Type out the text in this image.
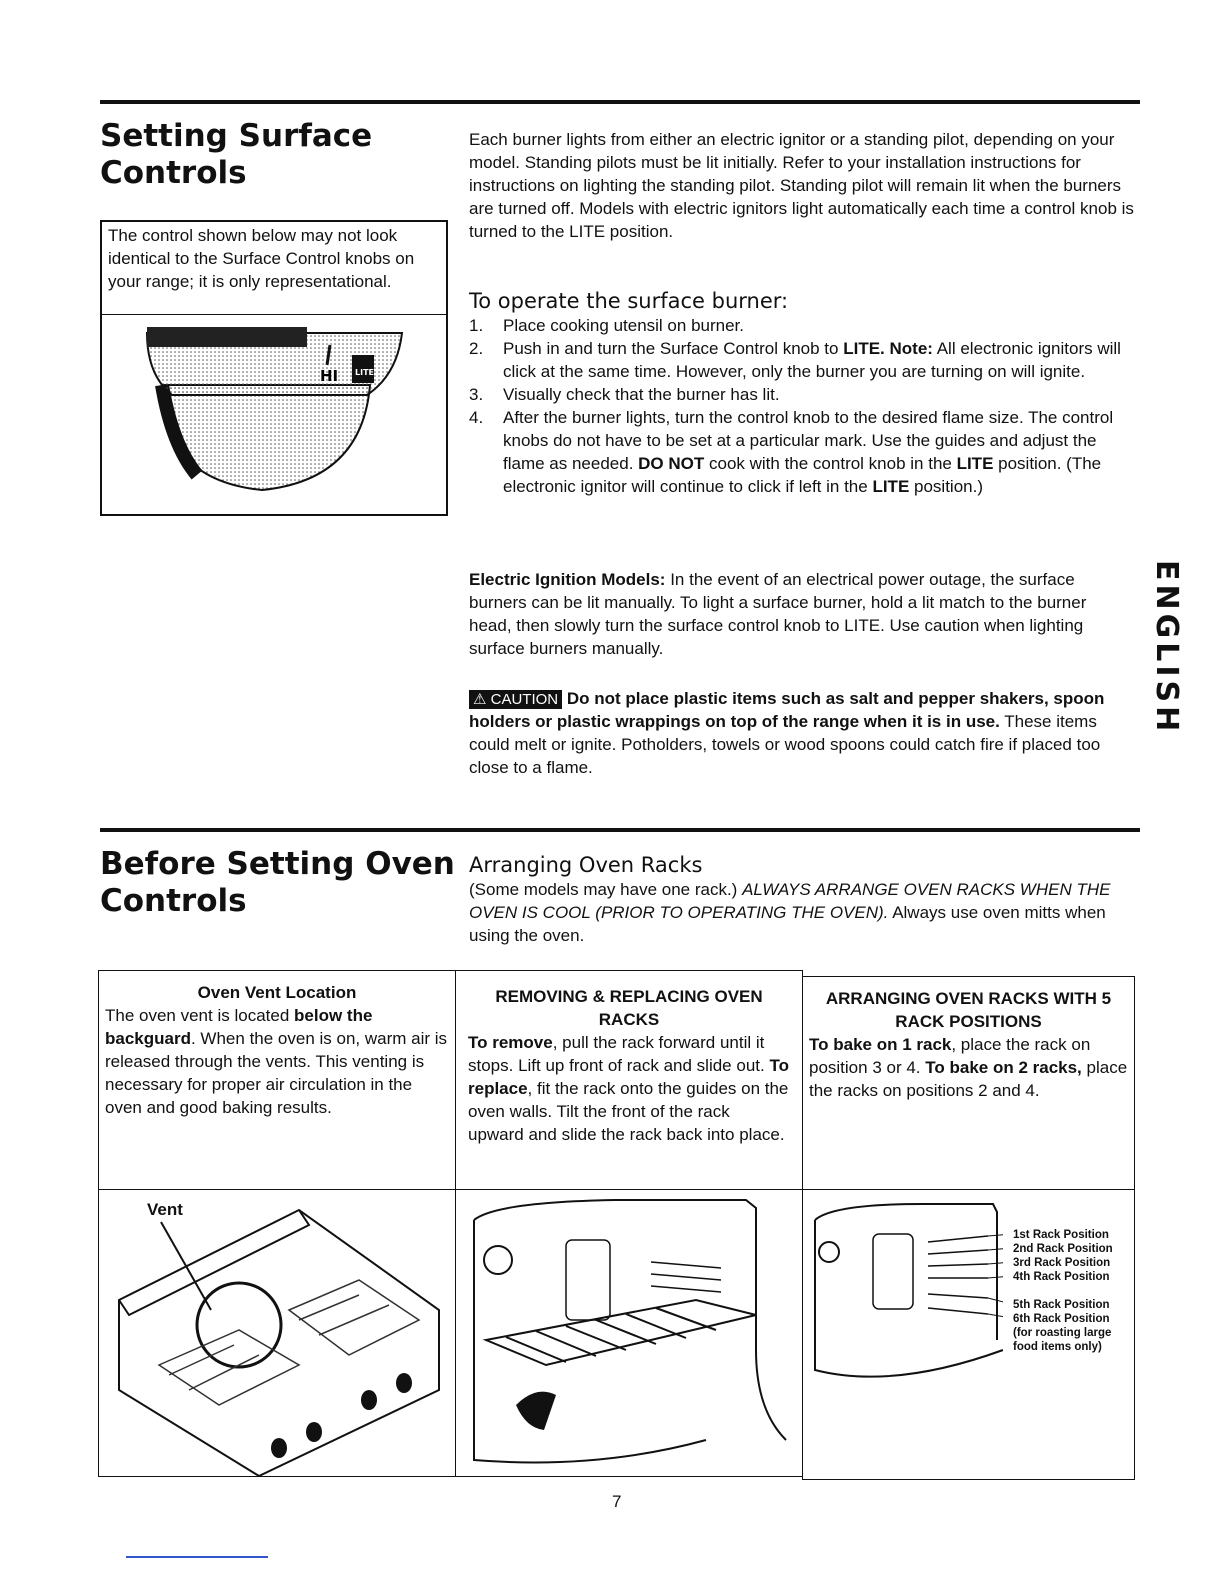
Setting Surface
Controls
The control shown below may not look identical to the Surface Control knobs on your range; it is only representational.
HI LITE
Each burner lights from either an electric ignitor or a standing pilot, depending on your model. Standing pilots must be lit initially. Refer to your installation instructions for instructions on lighting the standing pilot. Standing pilot will remain lit when the burners are turned off. Models with electric ignitors light automatically each time a control knob is turned to the LITE position.
To operate the surface burner:
1. Place cooking utensil on burner.
2. Push in and turn the Surface Control knob to LITE. Note: All electronic ignitors will click at the same time. However, only the burner you are turning on will ignite.
3. Visually check that the burner has lit.
4. After the burner lights, turn the control knob to the desired flame size. The control knobs do not have to be set at a particular mark. Use the guides and adjust the flame as needed. DO NOT cook with the control knob in the LITE position. (The electronic ignitor will continue to click if left in the LITE position.)

Electric Ignition Models: In the event of an electrical power outage, the surface burners can be lit manually. To light a surface burner, hold a lit match to the burner head, then slowly turn the surface control knob to LITE. Use caution when lighting surface burners manually.

⚠ CAUTION Do not place plastic items such as salt and pepper shakers, spoon holders or plastic wrappings on top of the range when it is in use. These items could melt or ignite. Potholders, towels or wood spoons could catch fire if placed too close to a flame.

ENGLISH
Before Setting Oven
Controls
Arranging Oven Racks

(Some models may have one rack.) ALWAYS ARRANGE OVEN RACKS WHEN THE OVEN IS COOL (PRIOR TO OPERATING THE OVEN). Always use oven mitts when using the oven.

Oven Vent Location
The oven vent is located below the backguard. When the oven is on, warm air is released through the vents. This venting is necessary for proper air circulation in the oven and good baking results.
REMOVING & REPLACING OVEN RACKS
To remove, pull the rack forward until it stops. Lift up front of rack and slide out. To replace, fit the rack onto the guides on the oven walls. Tilt the front of the rack upward and slide the rack back into place.
ARRANGING OVEN RACKS WITH 5 RACK POSITIONS
To bake on 1 rack, place the rack on position 3 or 4. To bake on 2 racks, place the racks on positions 2 and 4.
Vent
1st Rack Position
2nd Rack Position
3rd Rack Position
4th Rack Position
5th Rack Position
6th Rack Position
(for roasting large
food items only)
7
